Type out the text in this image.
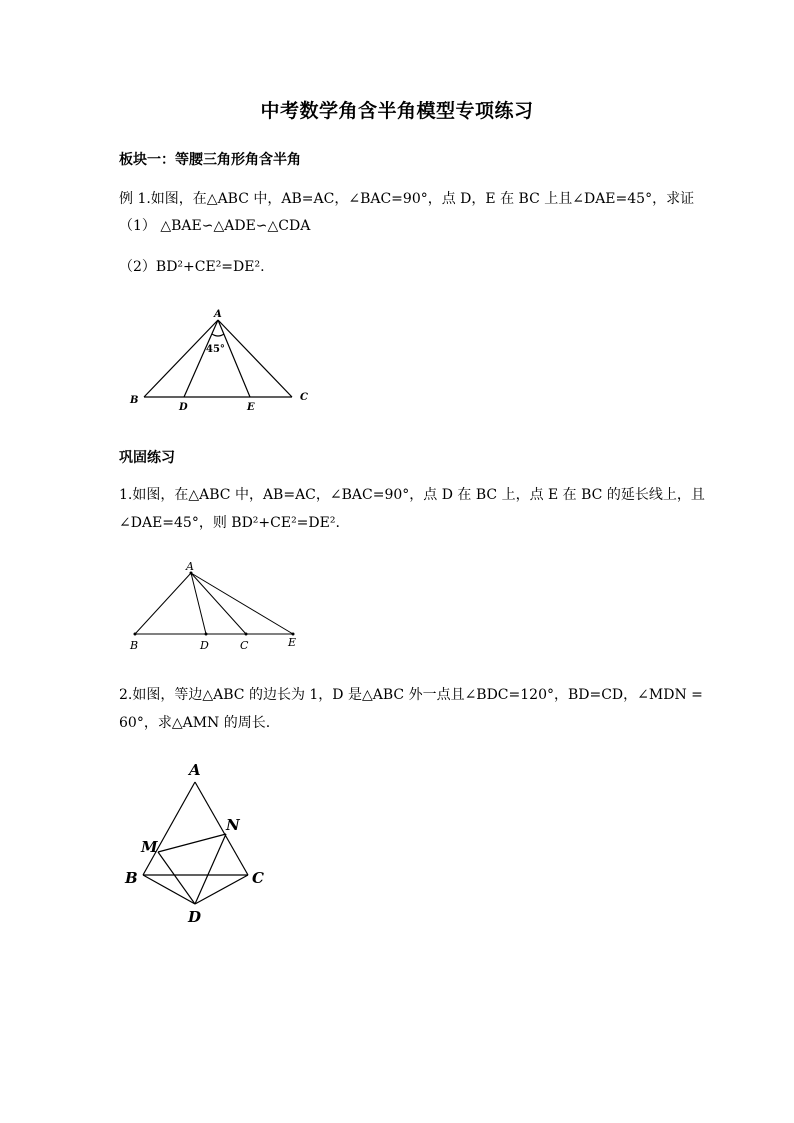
中考数学角含半角模型专项练习
板块一：等腰三角形角含半角
例 1.如图，在△ABC 中，AB=AC，∠BAC=90°，点 D，E 在 BC 上且∠DAE=45°，求证
（1） △BAE∽△ADE∽△CDA
（2）BD²+CE²=DE².
A
B	C
D	E
45°
巩固练习
1.如图，在△ABC 中，AB=AC，∠BAC=90°，点 D 在 BC 上，点 E 在 BC 的延长线上，且
∠DAE=45°，则 BD²+CE²=DE².
A
B	D	C	E
2.如图，等边△ABC 的边长为 1，D 是△ABC 外一点且∠BDC=120°，BD=CD，∠MDN =
60°，求△AMN 的周长.
A
N
M
B	C
D
